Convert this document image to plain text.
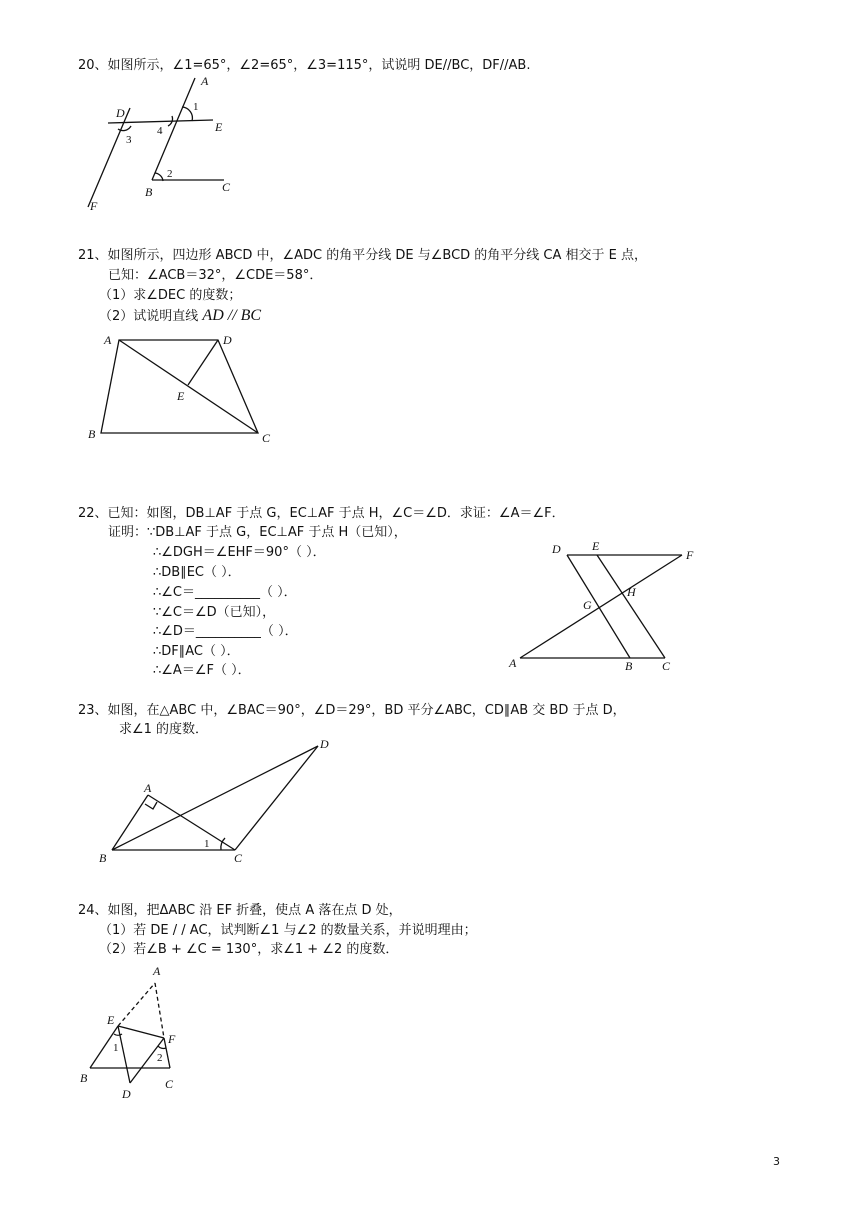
20、如图所示，∠1=65°，∠2=65°，∠3=115°，试说明 DE//BC，DF//AB.
A
D
E
B	C
F
1
2
3
4
21、如图所示，四边形 ABCD 中，∠ADC 的角平分线 DE 与∠BCD 的角平分线 CA 相交于 E 点，
已知：∠ACB＝32°，∠CDE＝58°．
（1）求∠DEC 的度数；
（2）试说明直线 AD // BC
A	D
E
B	C
22、已知：如图，DB⊥AF 于点 G，EC⊥AF 于点 H，∠C＝∠D．求证：∠A＝∠F．
证明：∵DB⊥AF 于点 G，EC⊥AF 于点 H（已知），
∴∠DGH＝∠EHF＝90°（ ）．
∴DB∥EC（ ）．
∴∠C＝__________（ ）．
∵∠C＝∠D（已知），
∴∠D＝__________（ ）．
∴DF∥AC（ ）．
∴∠A＝∠F（ ）．
D	E
F
G
H
A	B C
23、如图，在△ABC 中，∠BAC＝90°，∠D＝29°，BD 平分∠ABC，CD∥AB 交 BD 于点 D，
求∠1 的度数．
A
B	C
D
1
24、如图，把ΔABC 沿 EF 折叠，使点 A 落在点 D 处，
（1）若 DE / / AC，试判断∠1 与∠2 的数量关系，并说明理由；
（2）若∠B + ∠C = 130°，求∠1 + ∠2 的度数．
A
E
F
B	C
D
1
2
3
